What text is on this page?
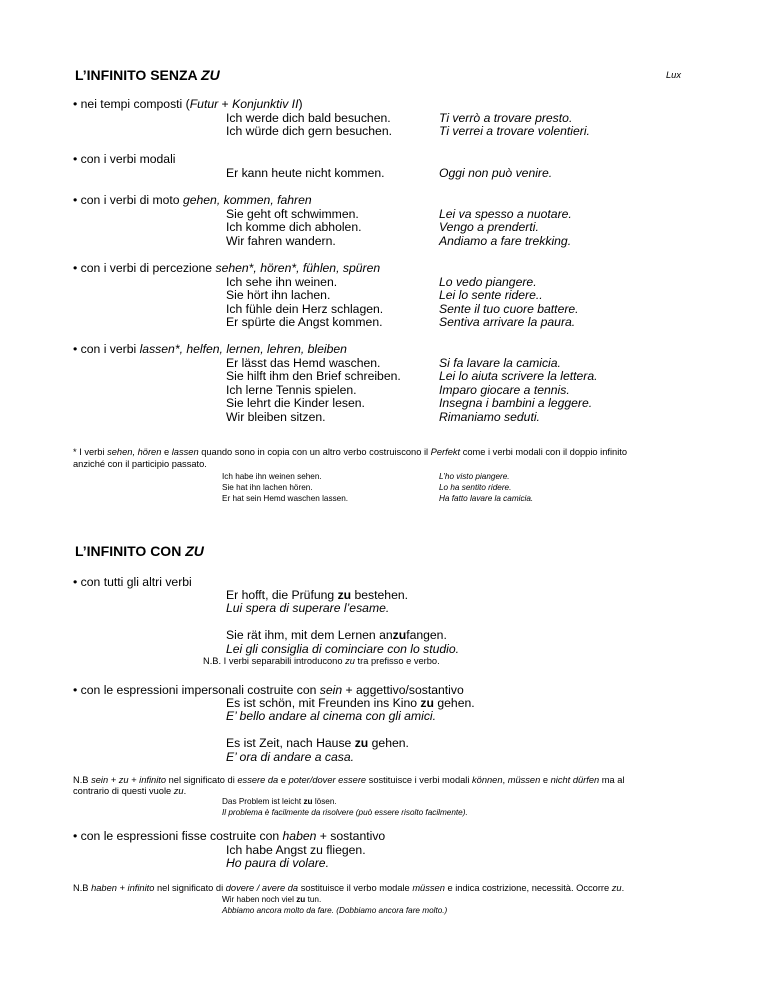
L’INFINITO SENZA ZU	Lux
• nei tempi composti (Futur + Konjunktiv II)
Ich werde dich bald besuchen.
Ich würde dich gern besuchen.
Ti verrò a trovare presto.
Ti verrei a trovare volentieri.
• con i verbi modali
Er kann heute nicht kommen.	Oggi non può venire.
• con i verbi di moto gehen, kommen, fahren
Sie geht oft schwimmen.
Ich komme dich abholen.
Wir fahren wandern.
Lei va spesso a nuotare.
Vengo a prenderti.
Andiamo a fare trekking.
• con i verbi di percezione sehen*, hören*, fühlen, spüren
Ich sehe ihn weinen.
Sie hört ihn lachen.
Ich fühle dein Herz schlagen.
Er spürte die Angst kommen.
Lo vedo piangere.
Lei lo sente ridere..
Sente il tuo cuore battere.
Sentiva arrivare la paura.
• con i verbi lassen*, helfen, lernen, lehren, bleiben
Er lässt das Hemd waschen.
Sie hilft ihm den Brief schreiben.
Ich lerne Tennis spielen.
Sie lehrt die Kinder lesen.
Wir bleiben sitzen.
Si fa lavare la camicia.
Lei lo aiuta scrivere la lettera.
Imparo giocare a tennis.
Insegna i bambini a leggere.
Rimaniamo seduti.
* I verbi sehen, hören e lassen quando sono in copia con un altro verbo costruiscono il Perfekt come i verbi modali con il doppio infinito
anziché con il participio passato.
Ich habe ihn weinen sehen.
Sie hat ihn lachen hören.
Er hat sein Hemd waschen lassen.
L’ho visto piangere.
Lo ha sentito ridere.
Ha fatto lavare la camicia.
L’INFINITO CON ZU
• con tutti gli altri verbi
Er hofft, die Prüfung zu bestehen.
Lui spera di superare l’esame.
Sie rät ihm, mit dem Lernen anzufangen.
Lei gli consiglia di cominciare con lo studio.
N.B. I verbi separabili introducono zu tra prefisso e verbo.
• con le espressioni impersonali costruite con sein + aggettivo/sostantivo
Es ist schön, mit Freunden ins Kino zu gehen.
E’ bello andare al cinema con gli amici.
Es ist Zeit, nach Hause zu gehen.
E’ ora di andare a casa.
N.B sein + zu + infinito nel significato di essere da e poter/dover essere sostituisce i verbi modali können, müssen e nicht dürfen ma al
contrario di questi vuole zu.
Das Problem ist leicht zu lösen.
Il problema è facilmente da risolvere (può essere risolto facilmente).
• con le espressioni fisse costruite con haben + sostantivo
Ich habe Angst zu fliegen.
Ho paura di volare.
N.B haben + infinito nel significato di dovere / avere da sostituisce il verbo modale müssen e indica costrizione, necessità. Occorre zu.
Wir haben noch viel zu tun.
Abbiamo ancora molto da fare. (Dobbiamo ancora fare molto.)
